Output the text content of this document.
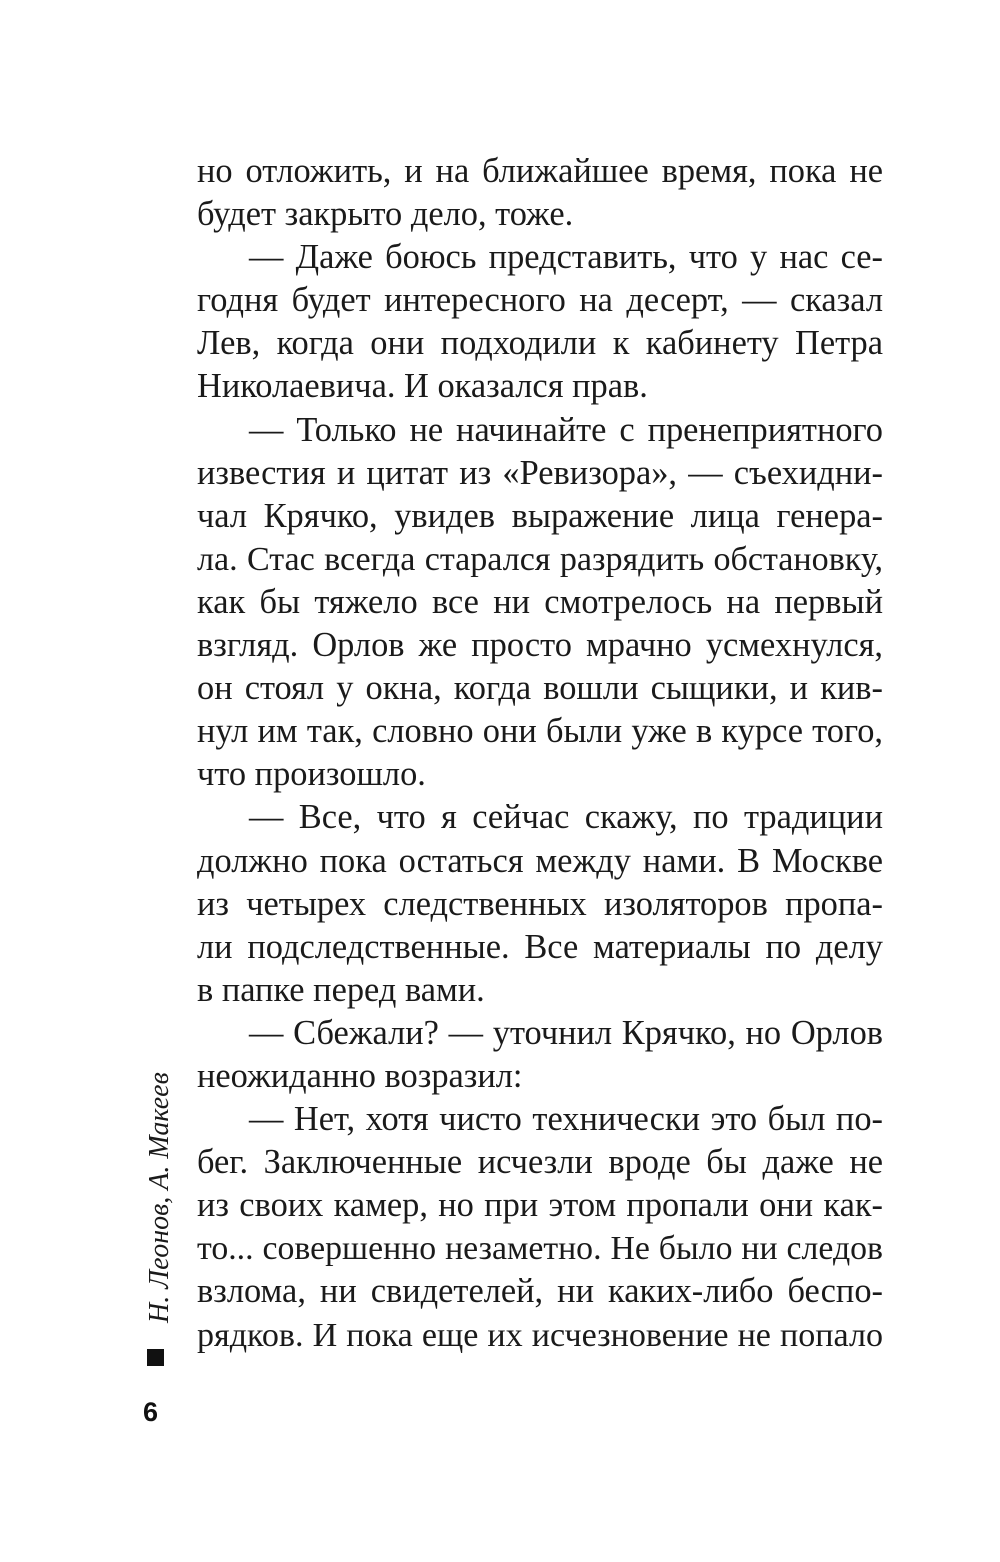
Н. Леонов, А. Макеев
6
но отложить, и на ближайшее время, пока не
будет закрыто дело, тоже.
— Даже боюсь представить, что у нас се-
годня будет интересного на десерт, — сказал
Лев, когда они подходили к кабинету Петра
Николаевича. И оказался прав.
— Только не начинайте с пренеприятного
известия и цитат из «Ревизора», — съехидни-
чал Крячко, увидев выражение лица генера-
ла. Стас всегда старался разрядить обстановку,
как бы тяжело все ни смотрелось на первый
взгляд. Орлов же просто мрачно усмехнулся,
он стоял у окна, когда вошли сыщики, и кив-
нул им так, словно они были уже в курсе того,
что произошло.
— Все, что я сейчас скажу, по традиции
должно пока остаться между нами. В Москве
из четырех следственных изоляторов пропа-
ли подследственные. Все материалы по делу
в папке перед вами.
— Сбежали? — уточнил Крячко, но Орлов
неожиданно возразил:
— Нет, хотя чисто технически это был по-
бег. Заключенные исчезли вроде бы даже не
из своих камер, но при этом пропали они как-
то... совершенно незаметно. Не было ни следов
взлома, ни свидетелей, ни каких-либо беспо-
рядков. И пока еще их исчезновение не попало
